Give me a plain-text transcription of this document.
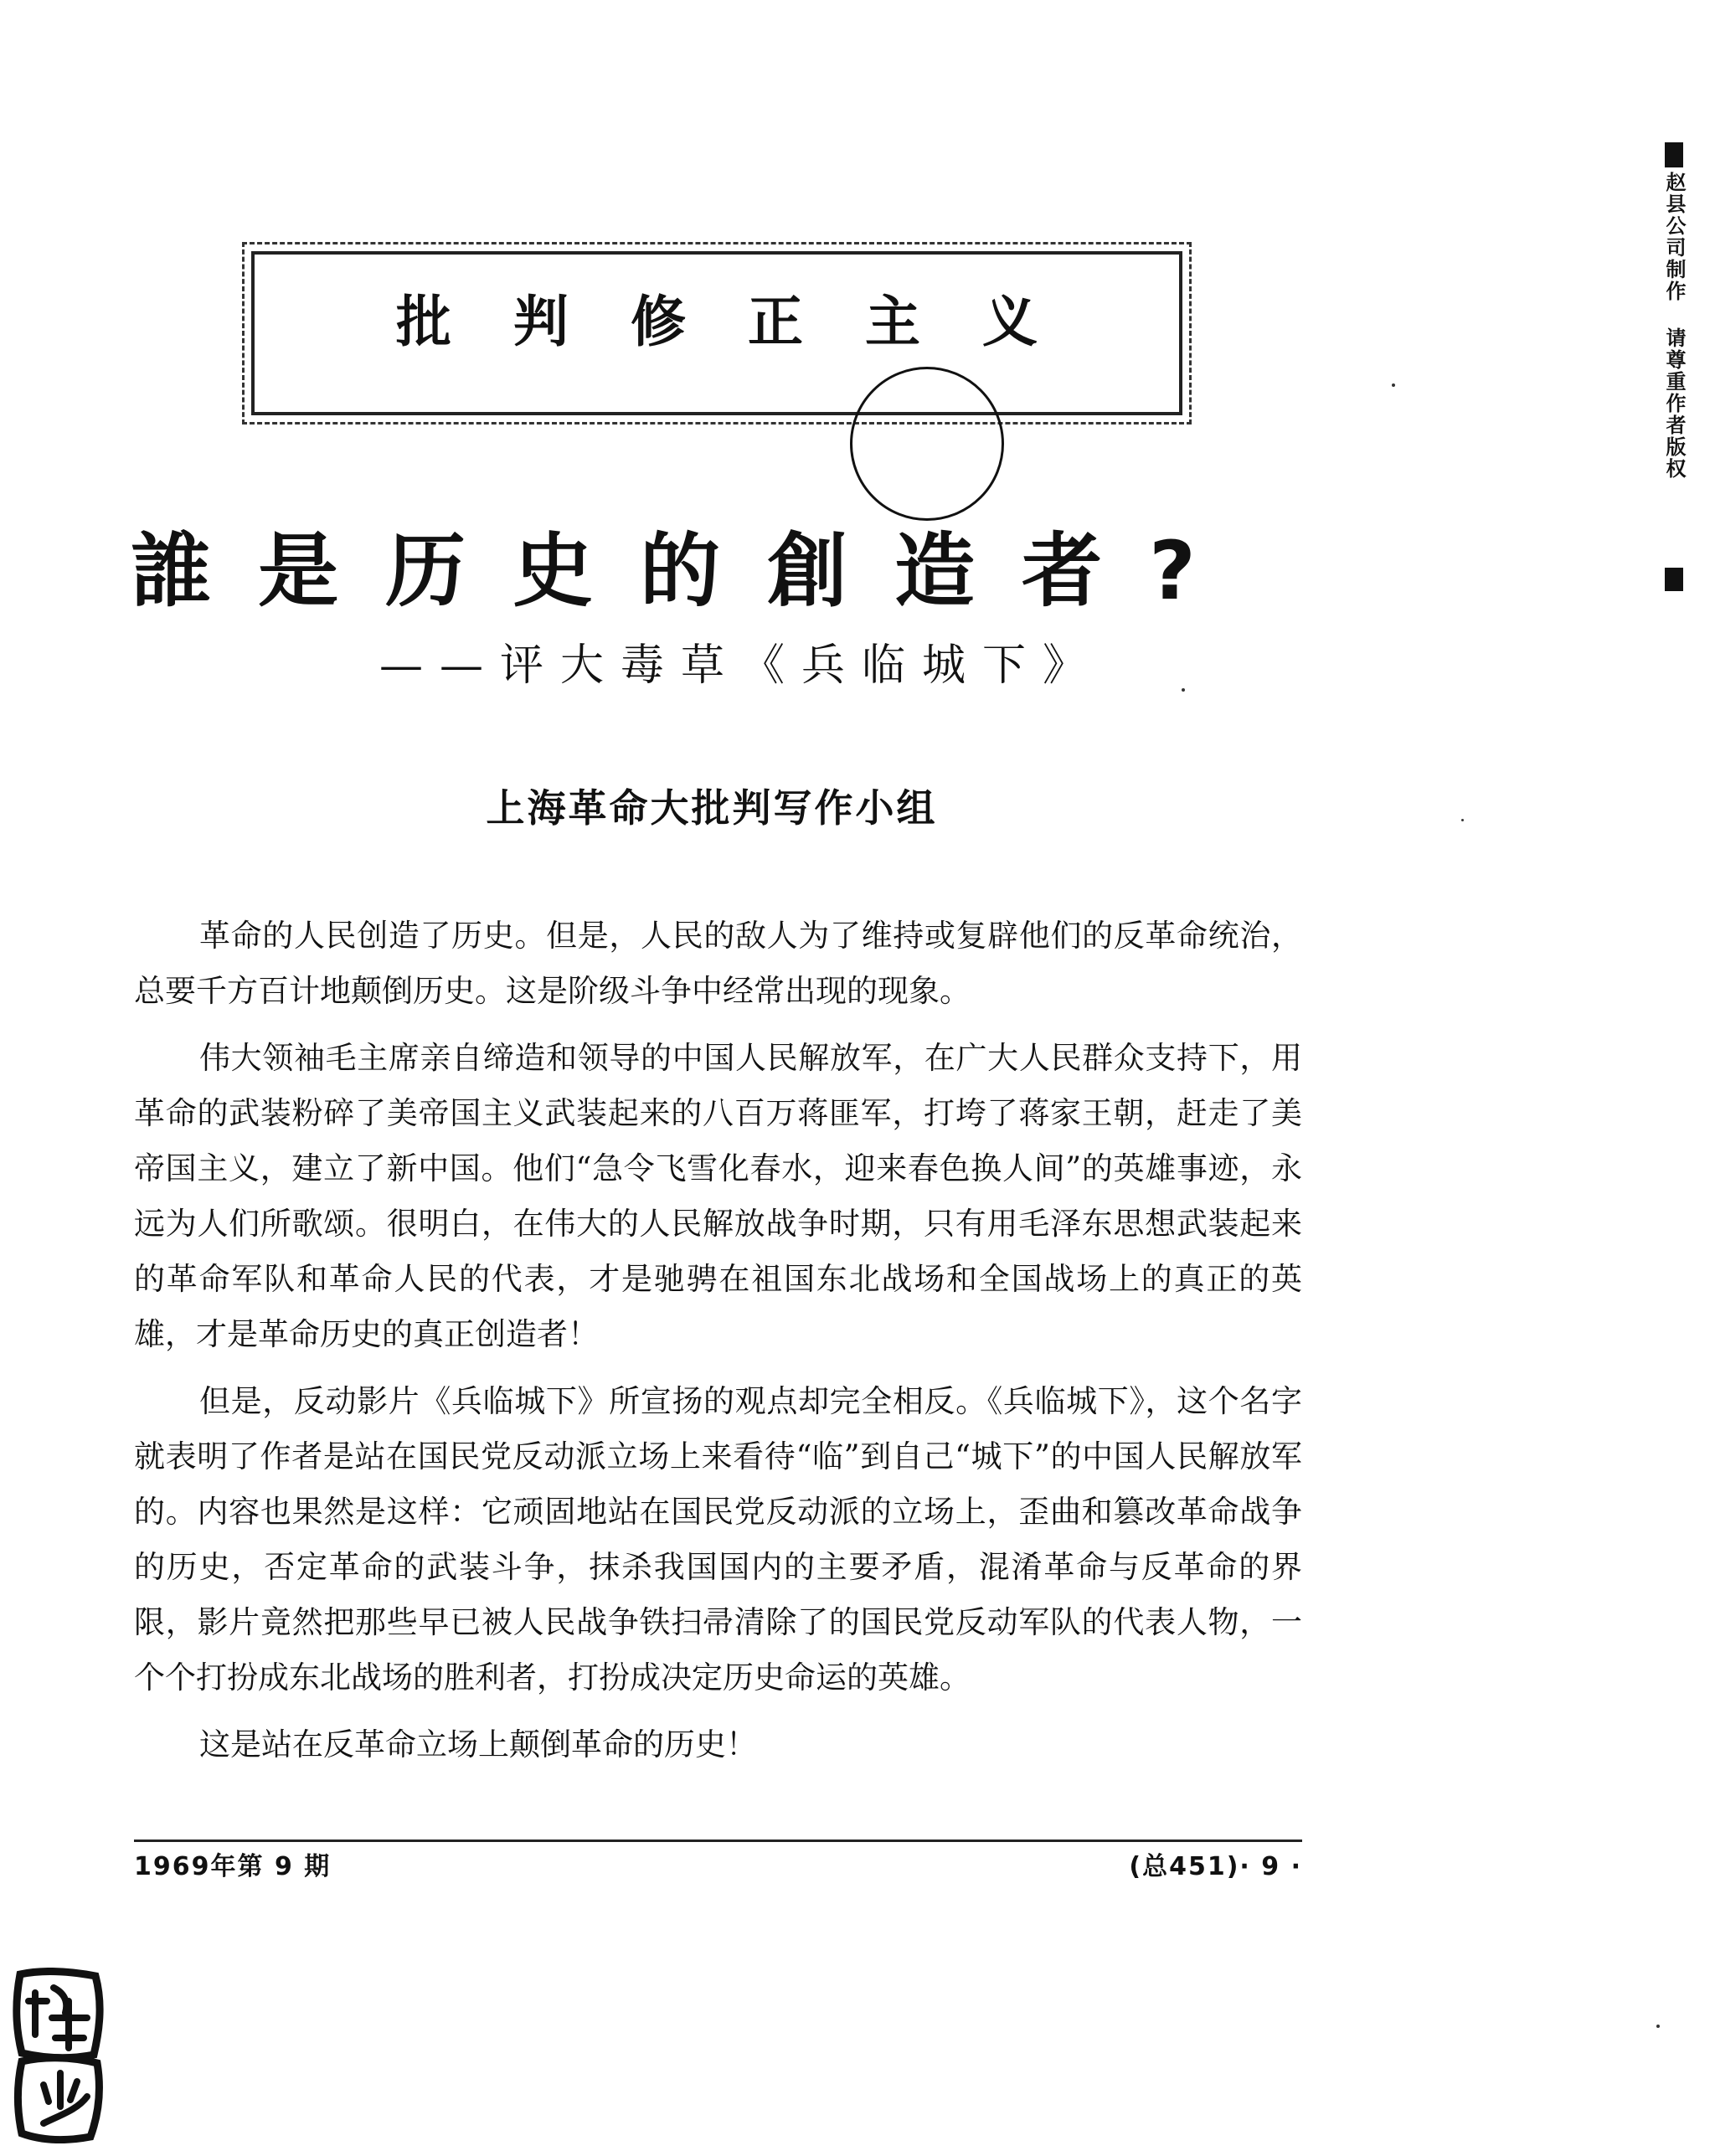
批判修正主义
誰是历史的創造者?
——评大毒草《兵临城下》
上海革命大批判写作小组

革命的人民创造了历史。但是，人民的敌人为了维持或复辟他们的反革命统治，总要千方百计地颠倒历史。这是阶级斗争中经常出现的现象。

伟大领袖毛主席亲自缔造和领导的中国人民解放军，在广大人民群众支持下，用革命的武装粉碎了美帝国主义武装起来的八百万蒋匪军，打垮了蒋家王朝，赶走了美帝国主义，建立了新中国。他们“急令飞雪化春水，迎来春色换人间”的英雄事迹，永远为人们所歌颂。很明白，在伟大的人民解放战争时期，只有用毛泽东思想武装起来的革命军队和革命人民的代表，才是驰骋在祖国东北战场和全国战场上的真正的英雄，才是革命历史的真正创造者！

但是，反动影片《兵临城下》所宣扬的观点却完全相反。《兵临城下》，这个名字就表明了作者是站在国民党反动派立场上来看待“临”到自己“城下”的中国人民解放军的。内容也果然是这样：它顽固地站在国民党反动派的立场上，歪曲和篡改革命战争的历史，否定革命的武装斗争，抹杀我国国内的主要矛盾，混淆革命与反革命的界限，影片竟然把那些早已被人民战争铁扫帚清除了的国民党反动军队的代表人物，一个个打扮成东北战场的胜利者，打扮成决定历史命运的英雄。

这是站在反革命立场上颠倒革命的历史！

1969年第 9 期	(总451)· 9 ·
赵县公司制作 请尊重作者版权
